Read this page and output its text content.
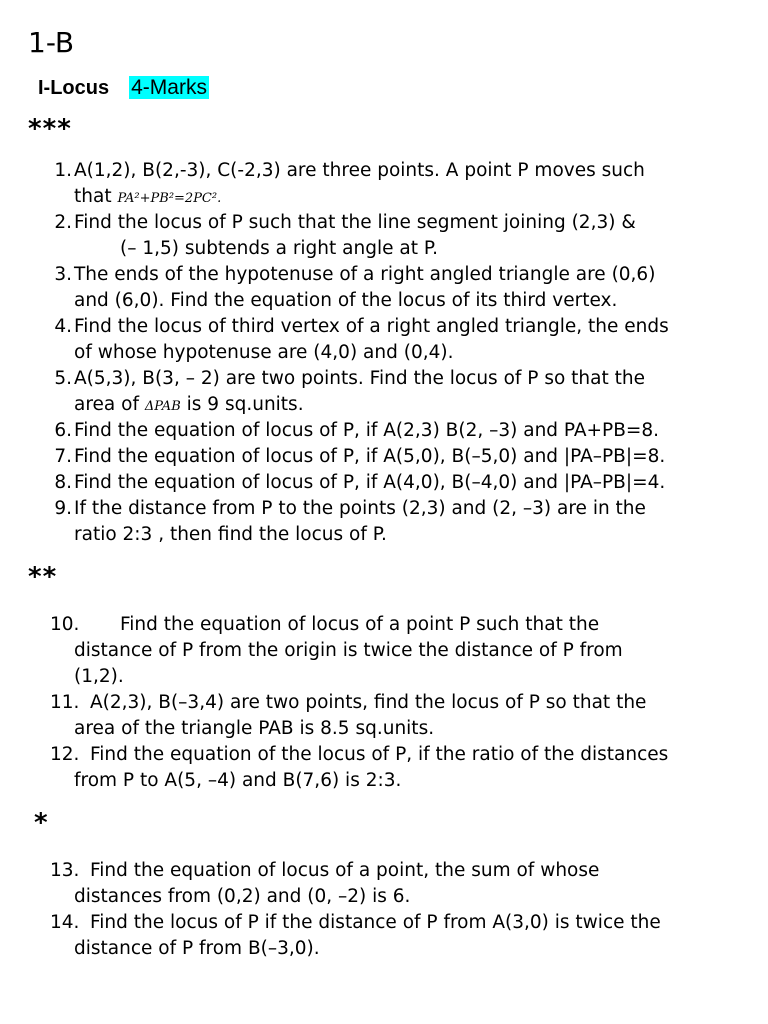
1-B
I-Locus 4-Marks
***
1. A(1,2), B(2,-3), C(-2,3) are three points. A point P moves such
that PA²+PB²=2PC².
2. Find the locus of P such that the line segment joining (2,3) &
(– 1,5) subtends a right angle at P.
3. The ends of the hypotenuse of a right angled triangle are (0,6)
and (6,0). Find the equation of the locus of its third vertex.
4. Find the locus of third vertex of a right angled triangle, the ends
of whose hypotenuse are (4,0) and (0,4).
5. A(5,3), B(3, – 2) are two points. Find the locus of P so that the
area of ΔPAB is 9 sq.units.
6. Find the equation of locus of P, if A(2,3) B(2, –3) and PA+PB=8.
7. Find the equation of locus of P, if A(5,0), B(–5,0) and |PA–PB|=8.
8. Find the equation of locus of P, if A(4,0), B(–4,0) and |PA–PB|=4.
9. If the distance from P to the points (2,3) and (2, –3) are in the
ratio 2:3 , then find the locus of P.
**
10. Find the equation of locus of a point P such that the
distance of P from the origin is twice the distance of P from
(1,2).
11. A(2,3), B(–3,4) are two points, find the locus of P so that the
area of the triangle PAB is 8.5 sq.units.
12. Find the equation of the locus of P, if the ratio of the distances
from P to A(5, –4) and B(7,6) is 2:3.
*
13. Find the equation of locus of a point, the sum of whose
distances from (0,2) and (0, –2) is 6.
14. Find the locus of P if the distance of P from A(3,0) is twice the
distance of P from B(–3,0).
